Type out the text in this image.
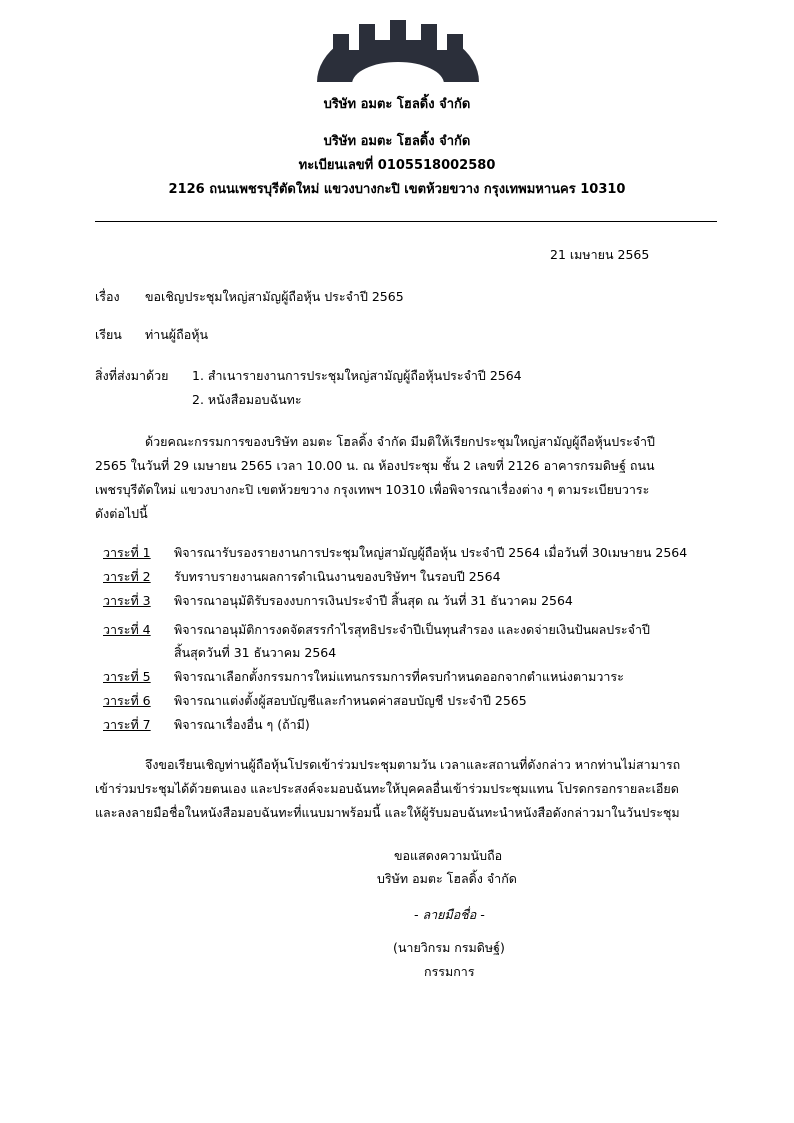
บริษัท อมตะ โฮลดิ้ง จำกัด
บริษัท อมตะ โฮลดิ้ง จำกัด
ทะเบียนเลขที่ 0105518002580
2126 ถนนเพชรบุรีตัดใหม่ แขวงบางกะปิ เขตห้วยขวาง กรุงเทพมหานคร 10310
21 เมษายน 2565
เรื่อง ขอเชิญประชุมใหญ่สามัญผู้ถือหุ้น ประจำปี 2565
เรียน ท่านผู้ถือหุ้น
สิ่งที่ส่งมาด้วย 1. สำเนารายงานการประชุมใหญ่สามัญผู้ถือหุ้นประจำปี 2564
2. หนังสือมอบฉันทะ
ด้วยคณะกรรมการของบริษัท อมตะ โฮลดิ้ง จำกัด มีมติให้เรียกประชุมใหญ่สามัญผู้ถือหุ้นประจำปี
2565 ในวันที่ 29 เมษายน 2565 เวลา 10.00 น. ณ ห้องประชุม ชั้น 2 เลขที่ 2126 อาคารกรมดิษฐ์ ถนน
เพชรบุรีตัดใหม่ แขวงบางกะปิ เขตห้วยขวาง กรุงเทพฯ 10310 เพื่อพิจารณาเรื่องต่าง ๆ ตามระเบียบวาระ
ดังต่อไปนี้
วาระที่ 1 พิจารณารับรองรายงานการประชุมใหญ่สามัญผู้ถือหุ้น ประจำปี 2564 เมื่อวันที่ 30เมษายน 2564
วาระที่ 2 รับทราบรายงานผลการดำเนินงานของบริษัทฯ ในรอบปี 2564
วาระที่ 3 พิจารณาอนุมัติรับรองงบการเงินประจำปี สิ้นสุด ณ วันที่ 31 ธันวาคม 2564
วาระที่ 4 พิจารณาอนุมัติการงดจัดสรรกำไรสุทธิประจำปีเป็นทุนสำรอง และงดจ่ายเงินปันผลประจำปี
สิ้นสุดวันที่ 31 ธันวาคม 2564
วาระที่ 5 พิจารณาเลือกตั้งกรรมการใหม่แทนกรรมการที่ครบกำหนดออกจากตำแหน่งตามวาระ
วาระที่ 6 พิจารณาแต่งตั้งผู้สอบบัญชีและกำหนดค่าสอบบัญชี ประจำปี 2565
วาระที่ 7 พิจารณาเรื่องอื่น ๆ (ถ้ามี)
จึงขอเรียนเชิญท่านผู้ถือหุ้นโปรดเข้าร่วมประชุมตามวัน เวลาและสถานที่ดังกล่าว หากท่านไม่สามารถ
เข้าร่วมประชุมได้ด้วยตนเอง และประสงค์จะมอบฉันทะให้บุคคลอื่นเข้าร่วมประชุมแทน โปรดกรอกรายละเอียด
และลงลายมือชื่อในหนังสือมอบฉันทะที่แนบมาพร้อมนี้ และให้ผู้รับมอบฉันทะนำหนังสือดังกล่าวมาในวันประชุม
ขอแสดงความนับถือ
บริษัท อมตะ โฮลดิ้ง จำกัด
- ลายมือชื่อ -
(นายวิกรม กรมดิษฐ์)
กรรมการ
